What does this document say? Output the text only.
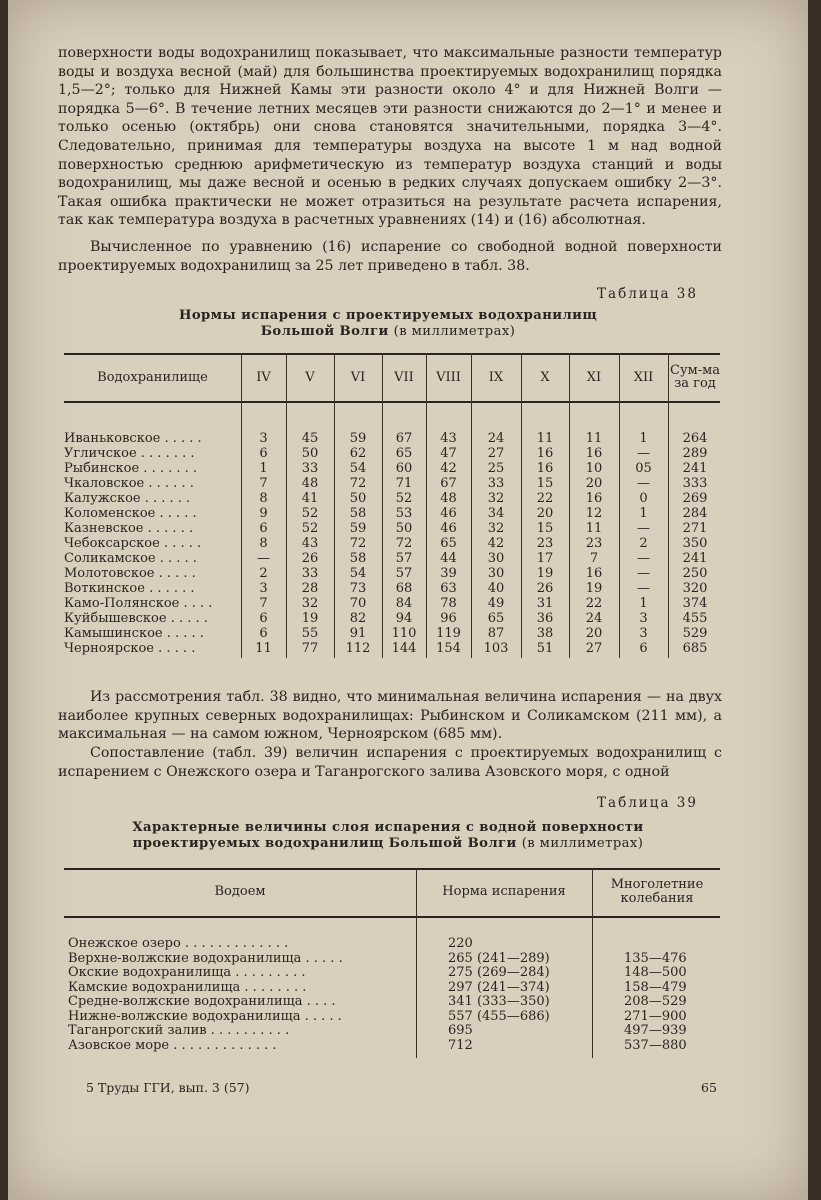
поверхности воды водохранилищ показывает, что максимальные разности температур воды и воздуха весной (май) для большинства проектируемых водохранилищ порядка 1,5—2°; только для Нижней Камы эти разности около 4° и для Нижней Волги — порядка 5—6°. В течение летних месяцев эти разности снижаются до 2—1° и менее и только осенью (октябрь) они снова становятся значительными, порядка 3—4°. Следовательно, принимая для температуры воздуха на высоте 1 м над водной поверхностью среднюю арифметическую из температур воздуха станций и воды водохранилищ, мы даже весной и осенью в редких случаях допускаем ошибку 2—3°. Такая ошибка практически не может отразиться на результате расчета испарения, так как температура воздуха в расчетных уравнениях (14) и (16) абсолютная.

Вычисленное по уравнению (16) испарение со свободной водной поверхности проектируемых водохранилищ за 25 лет приведено в табл. 38.

Таблица 38
Нормы испарения с проектируемых водохранилищ
Большой Волги (в миллиметрах)
Водохранилище	IV	V	VI	VII	VIII	IX	X	XI	XII	Сум-ма за год
Иваньковское . . . . .	3	45	59	67	43	24	11	11	1	264
Угличское . . . . . . .	6	50	62	65	47	27	16	16	—	289
Рыбинское . . . . . . .	1	33	54	60	42	25	16	10	05	241
Чкаловское . . . . . .	7	48	72	71	67	33	15	20	—	333
Калужское . . . . . .	8	41	50	52	48	32	22	16	0	269
Коломенское . . . . .	9	52	58	53	46	34	20	12	1	284
Казневское . . . . . .	6	52	59	50	46	32	15	11	—	271
Чебоксарское . . . . .	8	43	72	72	65	42	23	23	2	350
Соликамское . . . . .	—	26	58	57	44	30	17	7	—	241
Молотовское . . . . .	2	33	54	57	39	30	19	16	—	250
Воткинское . . . . . .	3	28	73	68	63	40	26	19	—	320
Камо-Полянское . . . .	7	32	70	84	78	49	31	22	1	374
Куйбышевское . . . . .	6	19	82	94	96	65	36	24	3	455
Камышинское . . . . .	6	55	91	110	119	87	38	20	3	529
Черноярское . . . . .	11	77	112	144	154	103	51	27	6	685

Из рассмотрения табл. 38 видно, что минимальная величина испарения — на двух наиболее крупных северных водохранилищах: Рыбинском и Соликамском (211 мм), а максимальная — на самом южном, Черноярском (685 мм).

Сопоставление (табл. 39) величин испарения с проектируемых водохранилищ с испарением с Онежского озера и Таганрогского залива Азовского моря, с одной

Таблица 39
Характерные величины слоя испарения с водной поверхности
проектируемых водохранилищ Большой Волги (в миллиметрах)
Водоем	Норма испарения	Многолетние колебания
Онежское озеро . . . . . . . . . . . . .	220
Верхне-волжские водохранилища . . . . .	265 (241—289)	135—476
Окские водохранилища . . . . . . . . .	275 (269—284)	148—500
Камские водохранилища . . . . . . . .	297 (241—374)	158—479
Средне-волжские водохранилища . . . .	341 (333—350)	208—529
Нижне-волжские водохранилища . . . . .	557 (455—686)	271—900
Таганрогский залив . . . . . . . . . .	695	497—939
Азовское море . . . . . . . . . . . . .	712	537—880
5 Труды ГГИ, вып. 3 (57)	65
